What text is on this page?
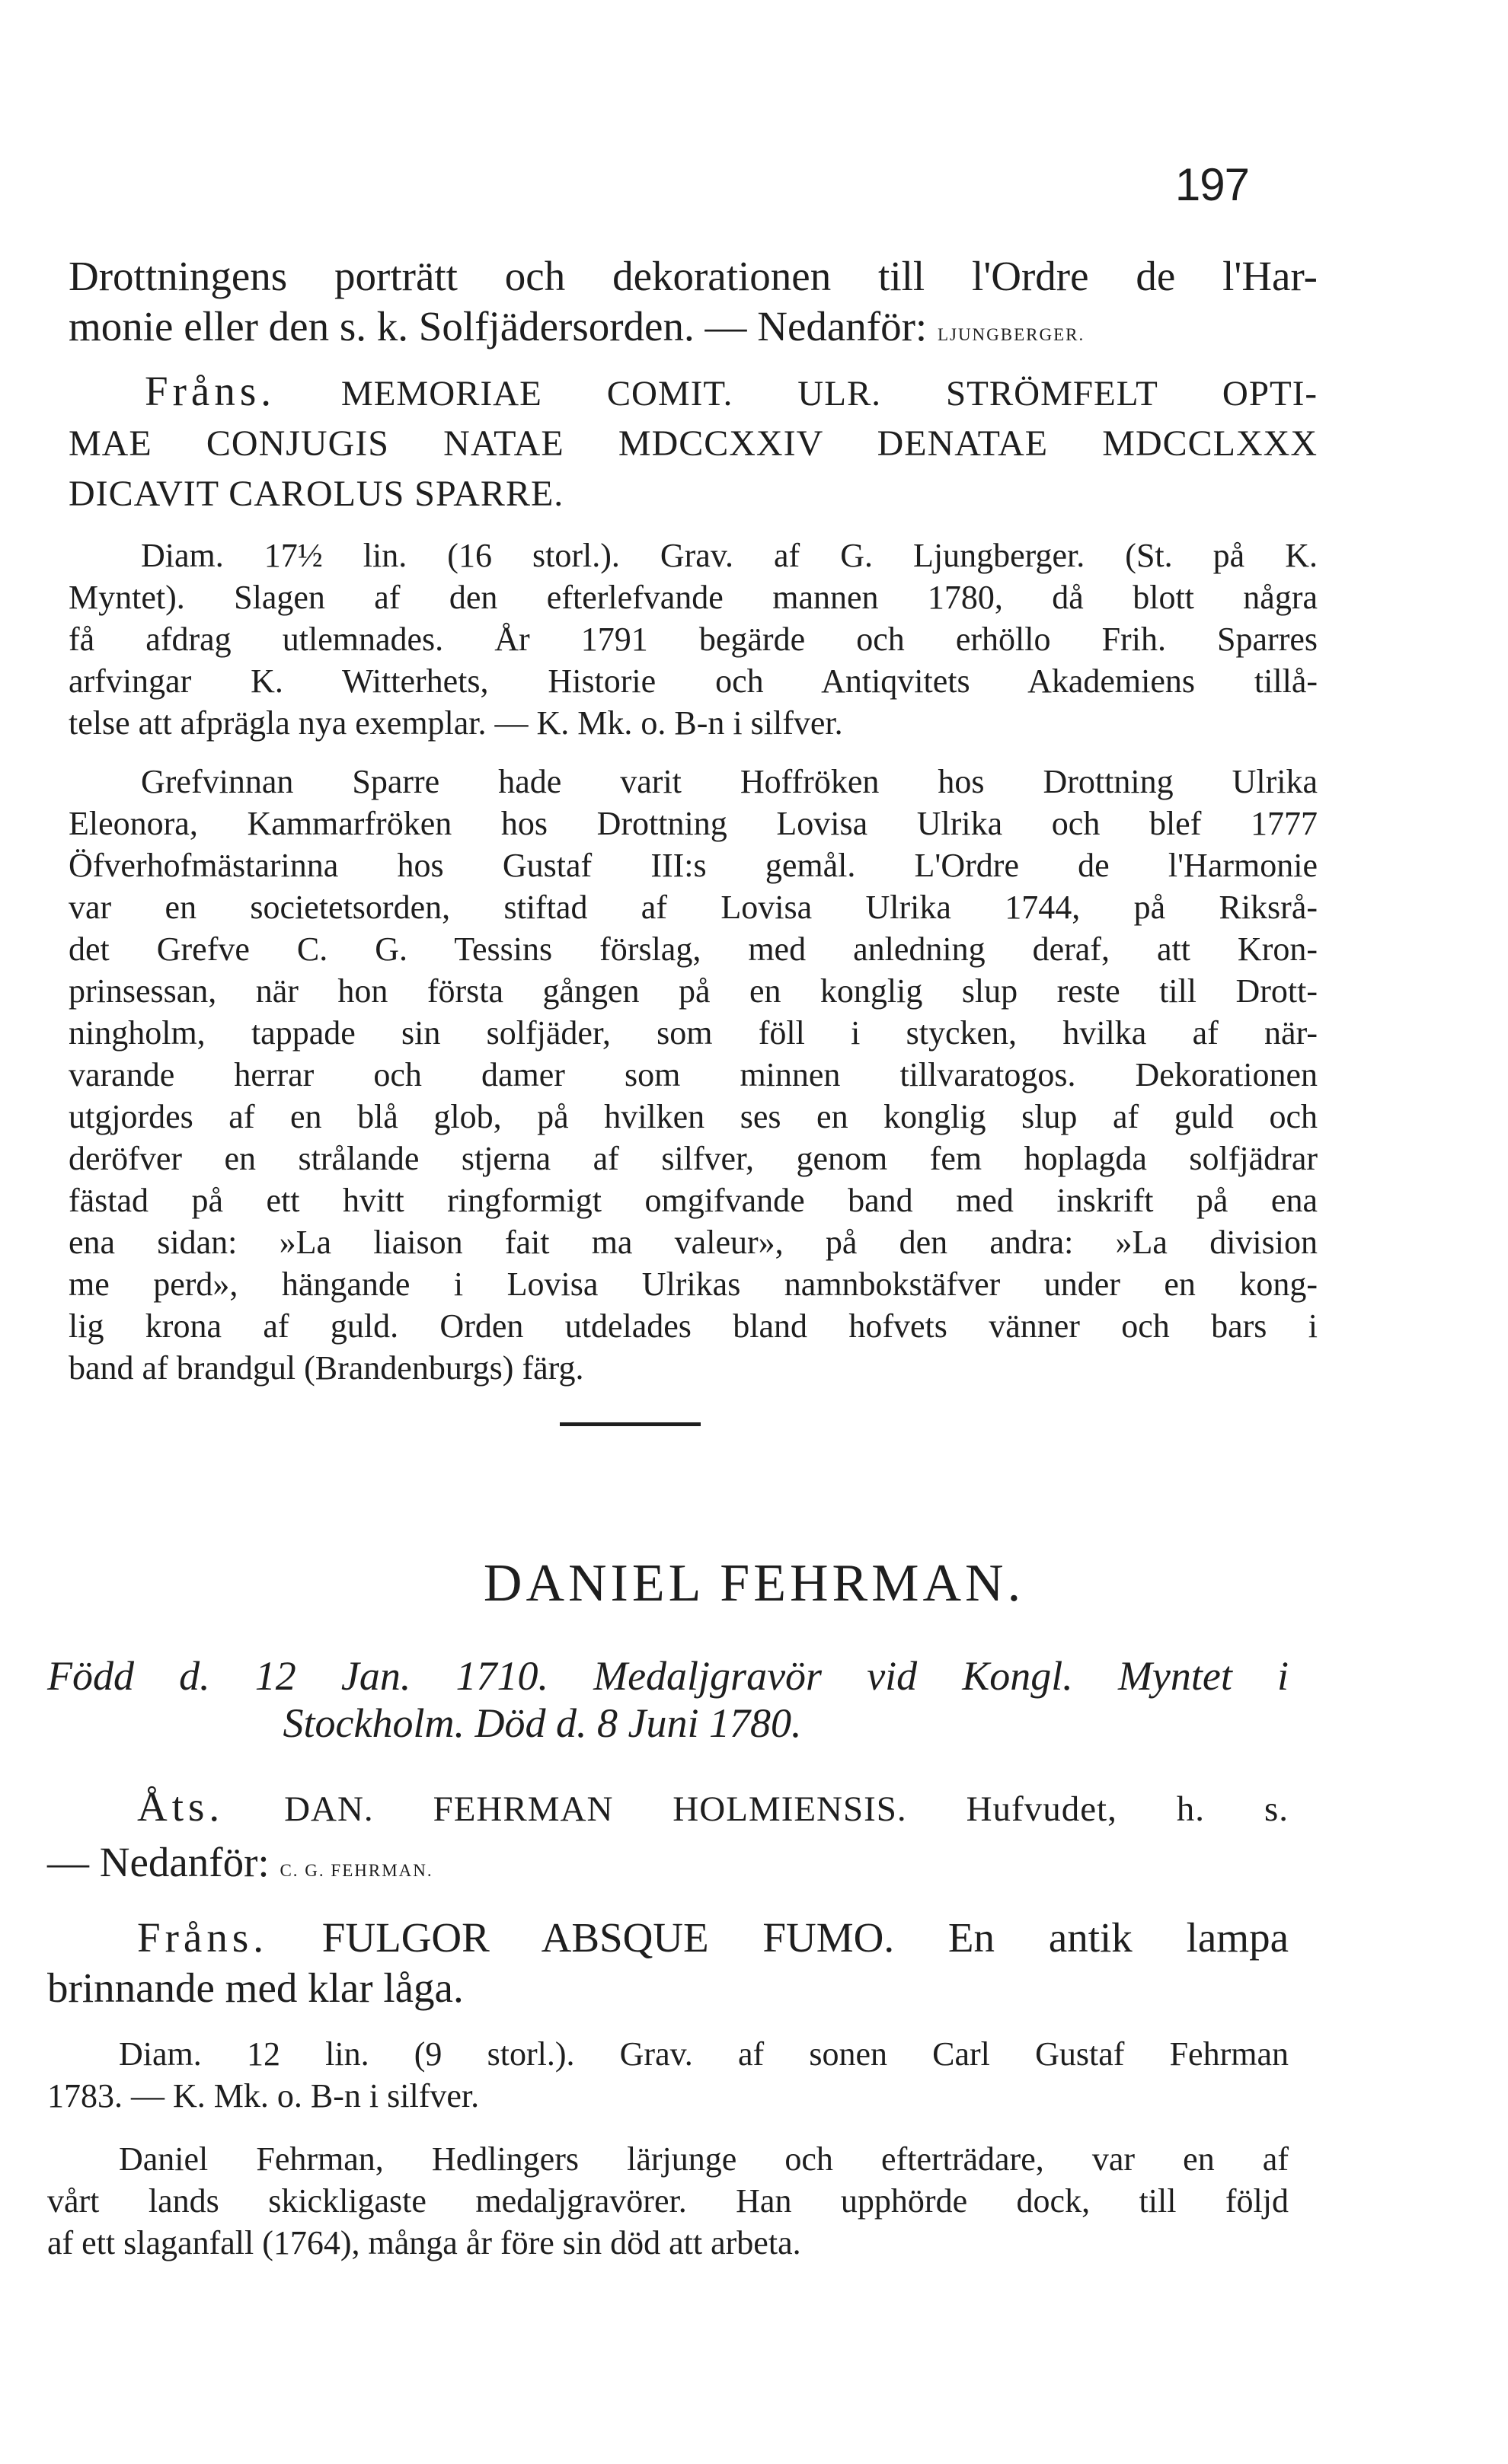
197
Drottningens porträtt och dekorationen till l'Ordre de l'Har-
monie eller den s. k. Solfjädersorden. — Nedanför: LJUNGBERGER.
Fråns. MEMORIAE COMIT. ULR. STRÖMFELT OPTI-
MAE CONJUGIS NATAE MDCCXXIV DENATAE MDCCLXXX
DICAVIT CAROLUS SPARRE.
Diam. 17½ lin. (16 storl.). Grav. af G. Ljungberger. (St. på K.
Myntet). Slagen af den efterlefvande mannen 1780, då blott några
få afdrag utlemnades. År 1791 begärde och erhöllo Frih. Sparres
arfvingar K. Witterhets, Historie och Antiqvitets Akademiens tillå-
telse att afprägla nya exemplar. — K. Mk. o. B-n i silfver.
Grefvinnan Sparre hade varit Hoffröken hos Drottning Ulrika
Eleonora, Kammarfröken hos Drottning Lovisa Ulrika och blef 1777
Öfverhofmästarinna hos Gustaf III:s gemål. L'Ordre de l'Harmonie
var en societetsorden, stiftad af Lovisa Ulrika 1744, på Riksrå-
det Grefve C. G. Tessins förslag, med anledning deraf, att Kron-
prinsessan, när hon första gången på en konglig slup reste till Drott-
ningholm, tappade sin solfjäder, som föll i stycken, hvilka af när-
varande herrar och damer som minnen tillvaratogos. Dekorationen
utgjordes af en blå glob, på hvilken ses en konglig slup af guld och
deröfver en strålande stjerna af silfver, genom fem hoplagda solfjädrar
fästad på ett hvitt ringformigt omgifvande band med inskrift på ena
ena sidan: »La liaison fait ma valeur», på den andra: »La division
me perd», hängande i Lovisa Ulrikas namnbokstäfver under en kong-
lig krona af guld. Orden utdelades bland hofvets vänner och bars i
band af brandgul (Brandenburgs) färg.
DANIEL FEHRMAN.
Född d. 12 Jan. 1710. Medaljgravör vid Kongl. Myntet i
Stockholm. Död d. 8 Juni 1780.
Åts. DAN. FEHRMAN HOLMIENSIS. Hufvudet, h. s.
— Nedanför: C. G. FEHRMAN.
Fråns. FULGOR ABSQUE FUMO. En antik lampa
brinnande med klar låga.
Diam. 12 lin. (9 storl.). Grav. af sonen Carl Gustaf Fehrman
1783. — K. Mk. o. B-n i silfver.
Daniel Fehrman, Hedlingers lärjunge och efterträdare, var en af
vårt lands skickligaste medaljgravörer. Han upphörde dock, till följd
af ett slaganfall (1764), många år före sin död att arbeta.
